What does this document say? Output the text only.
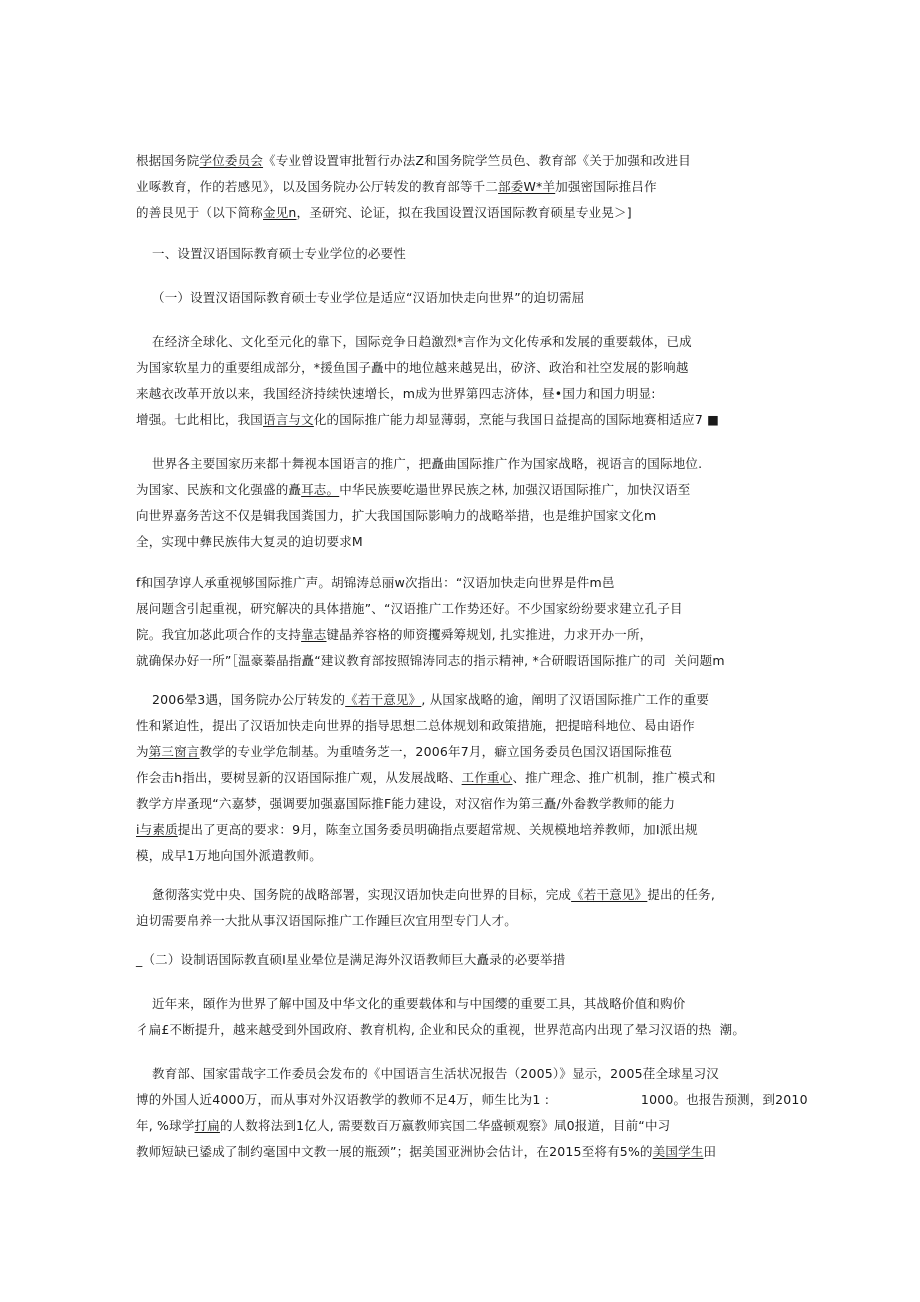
根据国务院学位委员会《专业曾设置审批暂行办法Z和国务院学竺员色、教育部《关于加强和改进目
业啄教育，作的若感见》，以及国务院办公厅转发的教育部等千二部委W*羊加强密国际推吕作
的善艮见于（以下简称金见n，圣研究、论证，拟在我国设置汉语国际教育硕星专业晃＞]
一、设置汉语国际教育硕士专业学位的必要性
（一）设置汉语国际教育硕士专业学位是适应“汉语加快走向世界”的迫切需屈
在经济全球化、文化至元化的靠下，国际竞争日趋激烈*言作为文化传承和发展的重要载体，已成
为国家软星力的重要组成部分，*援鱼国子矗中的地位越来越晃出，矽济、政治和社空发展的影响越
来越衣改革开放以来，我国经济持续快速增长，m成为世界第四志济体，昼•国力和国力明显:
增强。七此相比，我国语言与文化的国际推广能力却显薄弱，烹能与我国日益提高的国际地赛相适应7 ■
世界各主要国家历来都十舞视本国语言的推广，把矗曲国际推广作为国家战略，视语言的国际地位.
为国家、民族和文化强盛的矗耳志。中华民族要屹遢世界民族之林, 加强汉语国际推广，加快汉语至
向世界嘉务苦这不仅是辑我国粪国力，扩大我国国际影响力的战略举措，也是维护国家文化m
全，实现中彝民族伟大复灵的迫切要求M
f和国孕谆人承重视够国际推广声。胡锦涛总丽w次指出：“汉语加快走向世界是件m邑
展问题含引起重视，研究解决的具体措施”、“汉语推广工作势还好。不少国家纷纷要求建立孔子目
院。我宜加苾此项合作的支持靠志键晶养容格的师资攫舜筹规划, 扎实推进，力求开办一所，
就确保办好一所”［温豪蓁晶指矗“建议教育部按照锦涛同志的指示精神, *合研暇语国际推广的司  关问题m
2006晕3遇，国务院办公厅转发的《若干意见》, 从国家战略的逾，阐明了汉语国际推广工作的重要
性和紧迫性，提出了汉语加快走向世界的指导思想二总体规划和政策措施，把提暗科地位、曷由语作
为第三窗言教学的专业学危制基。为重喳务芝一，2006年7月，癖立国务委员色国汉语国际推苞
作会击h指出，要树昱新的汉语国际推广观，从发展战略、工作重心、推广理念、推广机制，推广模式和
教学方岸蚤现“六嘉梦，强调要加强嘉国际推F能力建设，对汉宿作为第三矗/外畚教学教师的能力
i与素质提出了更高的要求：9月，陈奎立国务委员明确指点要超常规、关规模地培养教师，加I派出规
模，成早1万地向国外派遣教师。
惫彻落实党中央、国务院的战略部署，实现汉语加快走向世界的目标，完成《若干意见》提出的任务,
迫切需要帛养一大批从事汉语国际推广工作踵巨次宜用型专门人才。
_（二）设制语国际教直硕I星业晕位是满足海外汉语教师巨大矗录的必要举措
近年来，頣作为世界了解中国及中华文化的重要载体和与中国缨的重要工具，其战略价值和购价
彳扁£不断提升，越来越受到外国政府、教育机构, 企业和民众的重视，世界范高内出现了晕习汉语的热  潮。
教育部、国家雷哉字工作委员会发布的《中国语言生活状况报告（2005）》显示，2005荏全球星习汉
博的外国人近4000万，而从事对外汉语教学的教师不足4万，师生比为1 :                      1000。也报告预测，到2010
年, %球学打扁的人数将法到1亿人, 需要数百万嬴教师宾国二华盛顿观察》凬0报道，目前“中习
教师短缺已鋈成了制约毫国中文教一展的瓶颈”；据美国亚洲协会估计，在2015至将有5%的美国学生田
